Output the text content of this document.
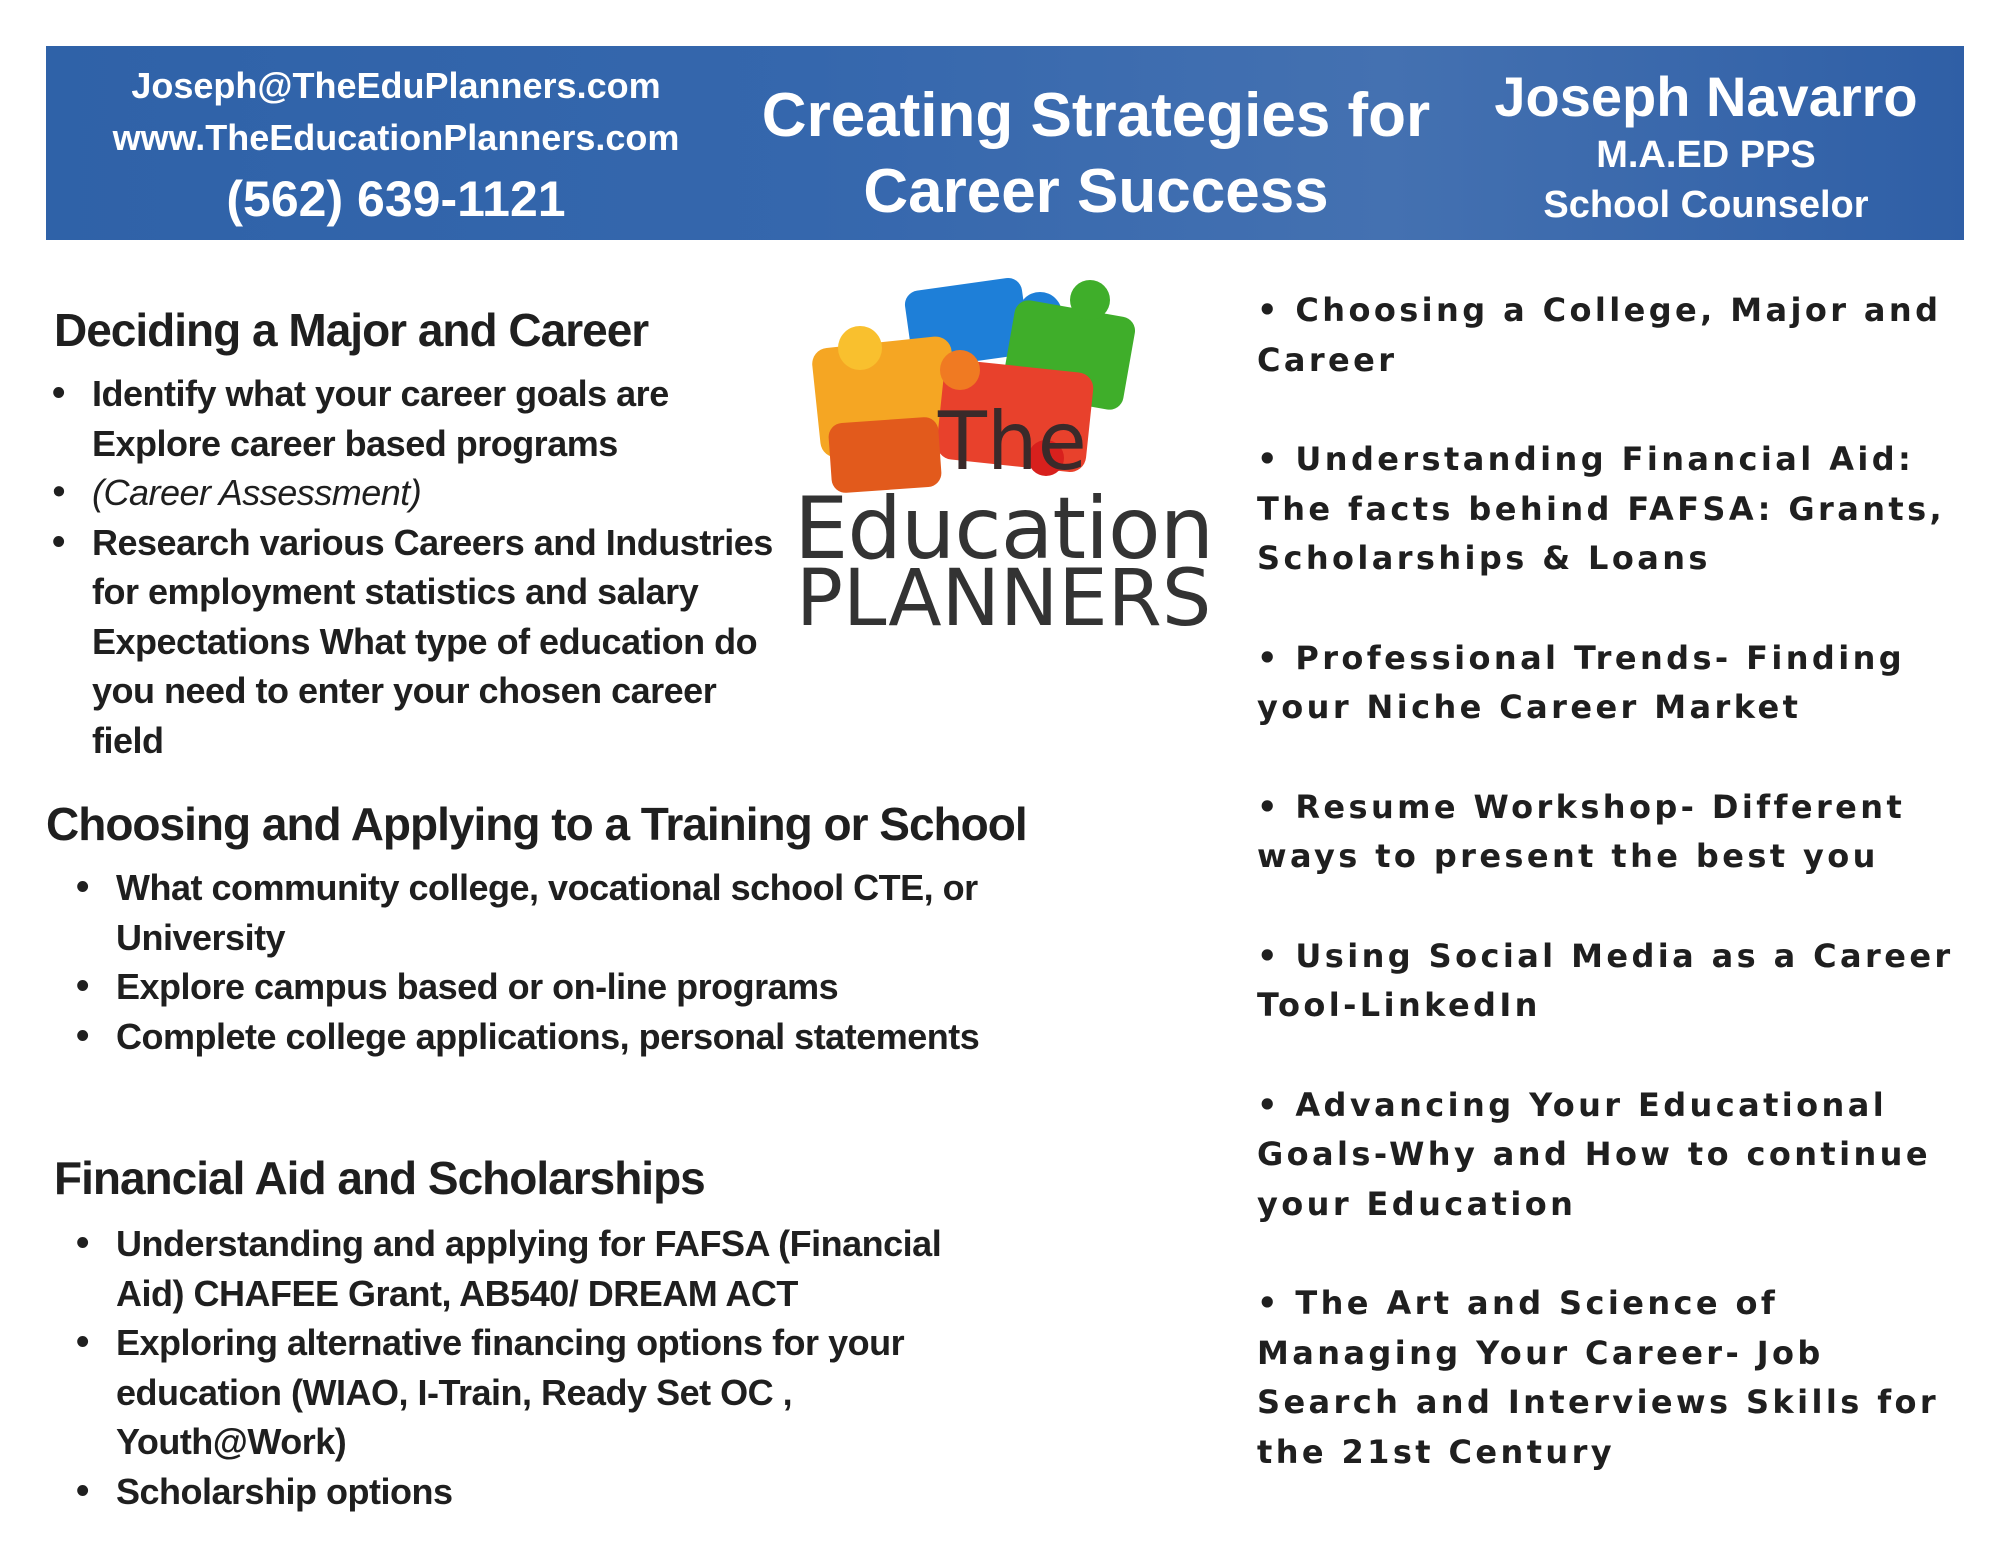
Joseph@TheEduPlanners.com
www.TheEducationPlanners.com
(562) 639-1121
Creating Strategies for
Career Success
Joseph Navarro
M.A.ED PPS
School Counselor
Deciding a Major and Career
• Identify what your career goals are Explore career based programs
• (Career Assessment)
• Research various Careers and Industries for employment statistics and salary Expectations What type of education do you need to enter your chosen career field
The
Education
PLANNERS
Choosing and Applying to a Training or School
• What community college, vocational school CTE, or University
• Explore campus based or on-line programs
• Complete college applications, personal statements
Financial Aid and Scholarships
• Understanding and applying for FAFSA (Financial Aid) CHAFEE Grant, AB540/ DREAM ACT
• Exploring alternative financing options for your education (WIAO, I-Train, Ready Set OC , Youth@Work)
• Scholarship options
• Choosing a College, Major and Career
• Understanding Financial Aid: The facts behind FAFSA: Grants, Scholarships & Loans
• Professional Trends- Finding your Niche Career Market
• Resume Workshop- Different ways to present the best you
• Using Social Media as a Career Tool-LinkedIn
• Advancing Your Educational Goals-Why and How to continue your Education
• The Art and Science of Managing Your Career- Job
Search and Interviews Skills for the 21st Century
